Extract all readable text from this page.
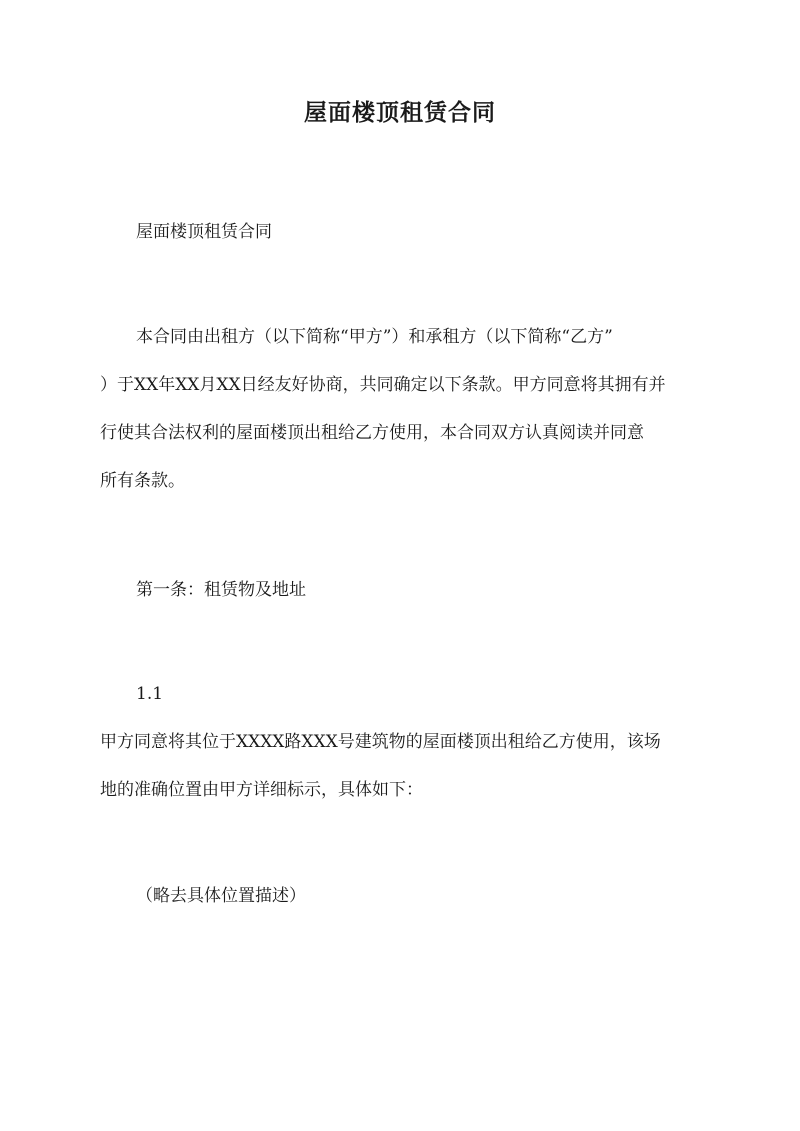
屋面楼顶租赁合同

屋面楼顶租赁合同

本合同由出租方（以下简称“甲方”）和承租方（以下简称“乙方”
）于XX年XX月XX日经友好协商，共同确定以下条款。甲方同意将其拥有并
行使其合法权利的屋面楼顶出租给乙方使用，本合同双方认真阅读并同意
所有条款。

第一条：租赁物及地址

1.1

甲方同意将其位于XXXX路XXX号建筑物的屋面楼顶出租给乙方使用，该场
地的准确位置由甲方详细标示，具体如下：

（略去具体位置描述）
